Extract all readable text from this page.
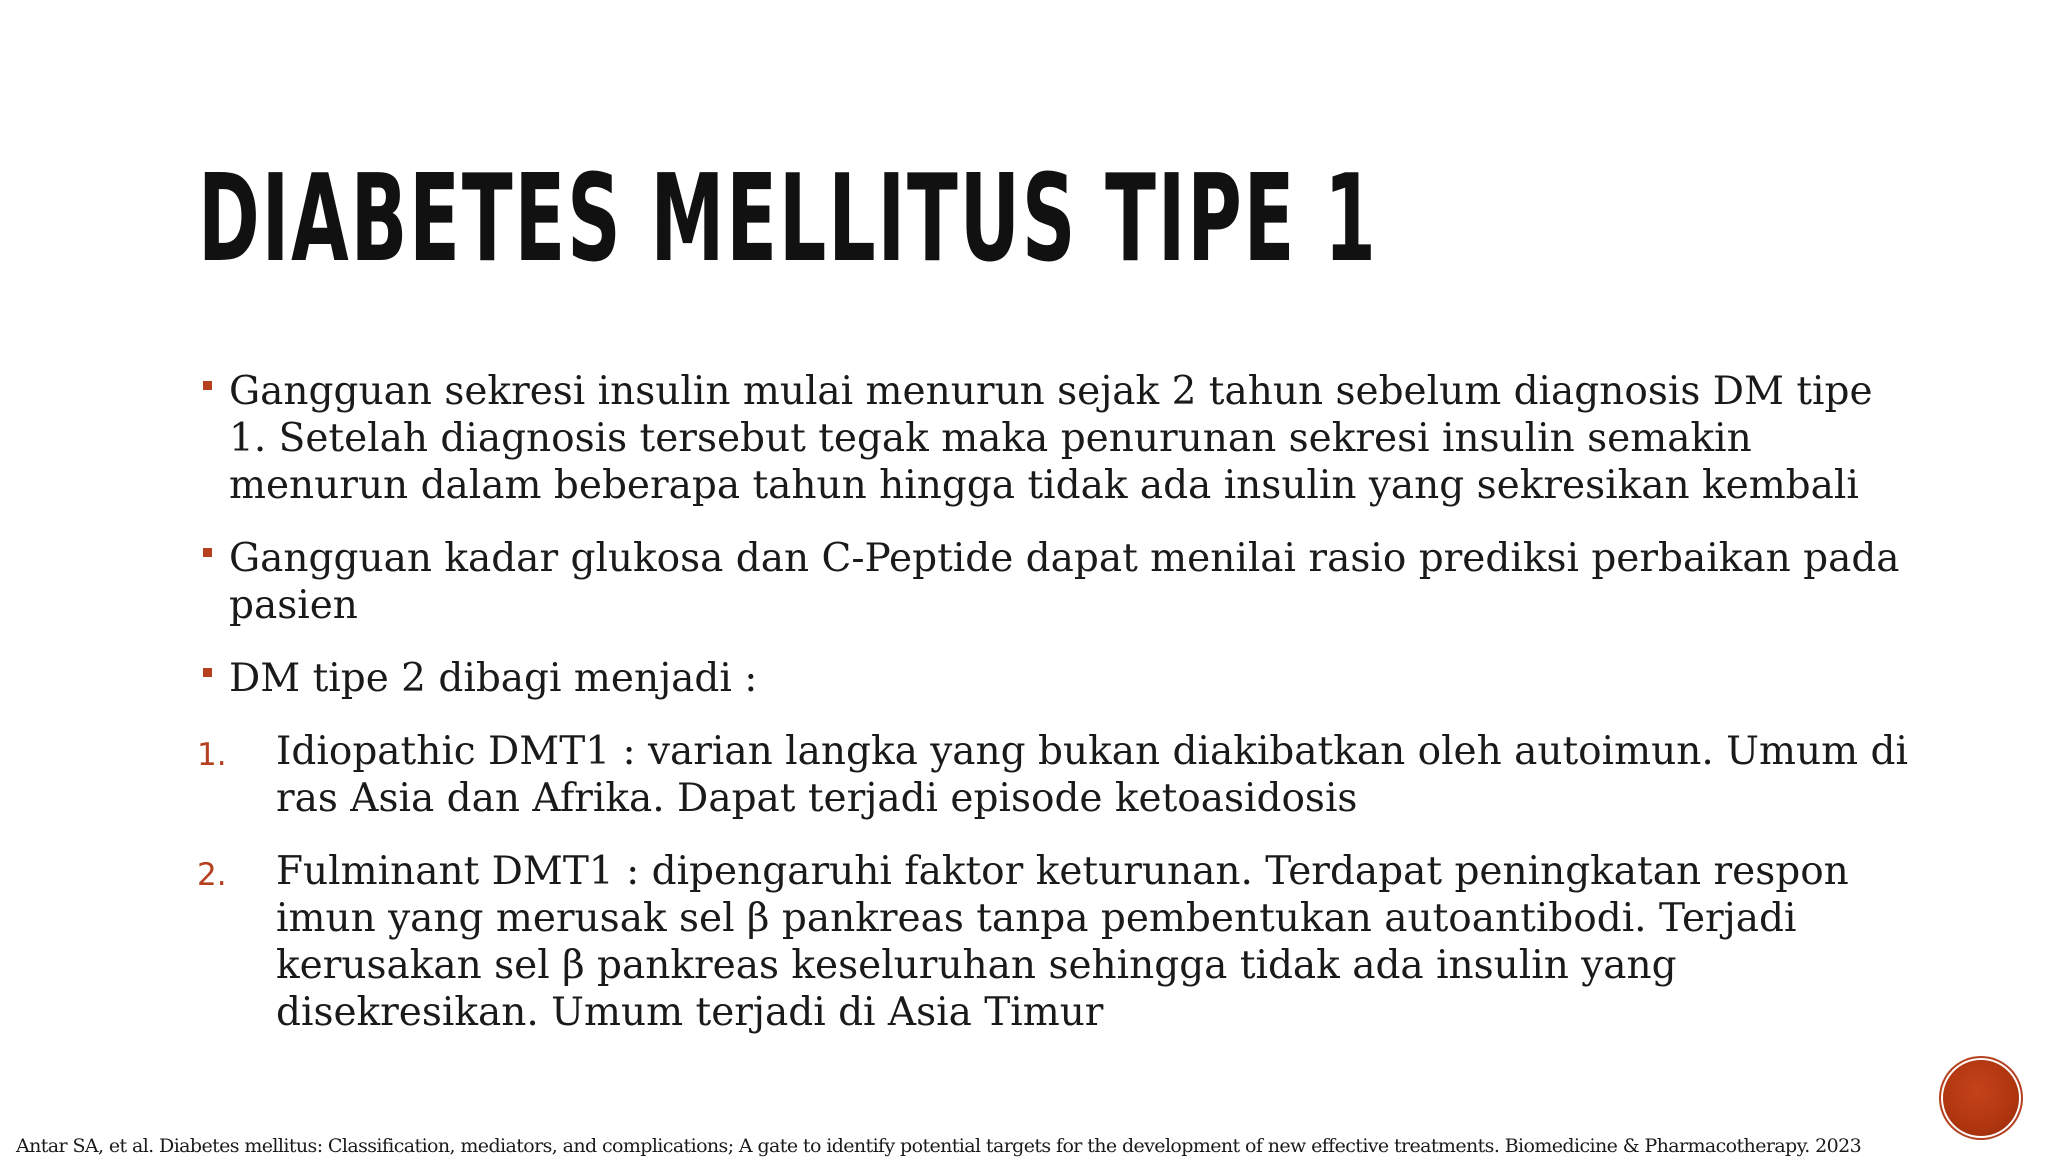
DIABETES MELLITUS TIPE 1
Gangguan sekresi insulin mulai menurun sejak 2 tahun sebelum diagnosis DM tipe 1. Setelah diagnosis tersebut tegak maka penurunan sekresi insulin semakin menurun dalam beberapa tahun hingga tidak ada insulin yang sekresikan kembali
Gangguan kadar glukosa dan C-Peptide dapat menilai rasio prediksi perbaikan pada pasien
DM tipe 2 dibagi menjadi :
1. Idiopathic DMT1 : varian langka yang bukan diakibatkan oleh autoimun. Umum di ras Asia dan Afrika. Dapat terjadi episode ketoasidosis
2. Fulminant DMT1 : dipengaruhi faktor keturunan. Terdapat peningkatan respon imun yang merusak sel β pankreas tanpa pembentukan autoantibodi. Terjadi kerusakan sel β pankreas keseluruhan sehingga tidak ada insulin yang disekresikan. Umum terjadi di Asia Timur
Antar SA, et al. Diabetes mellitus: Classification, mediators, and complications; A gate to identify potential targets for the development of new effective treatments. Biomedicine & Pharmacotherapy. 2023
